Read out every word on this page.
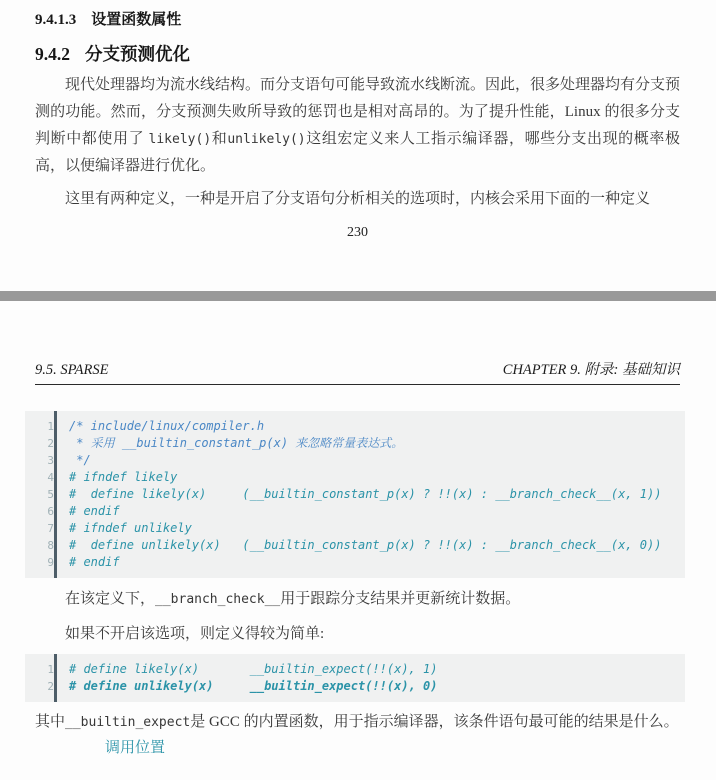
9.4.1.3 设置函数属性
9.4.2 分支预测优化

现代处理器均为流水线结构。而分支语句可能导致流水线断流。因此，很多处理器均有分支预测的功能。然而，分支预测失败所导致的惩罚也是相对高昂的。为了提升性能，Linux 的很多分支判断中都使用了 likely()和unlikely()这组宏定义来人工指示编译器，哪些分支出现的概率极高，以便编译器进行优化。

这里有两种定义，一种是开启了分支语句分析相关的选项时，内核会采用下面的一种定义

230
9.5. SPARSE	CHAPTER 9. 附录: 基础知识
1 /* include/linux/compiler.h
2 * 采用 __builtin_constant_p(x) 来忽略常量表达式。
3 */
4 # ifndef likely
5 #  define likely(x)     (__builtin_constant_p(x) ? !!(x) : __branch_check__(x, 1))
6 # endif
7 # ifndef unlikely
8 #  define unlikely(x)   (__builtin_constant_p(x) ? !!(x) : __branch_check__(x, 0))
9 # endif

在该定义下，__branch_check__用于跟踪分支结果并更新统计数据。

如果不开启该选项，则定义得较为简单:

1 # define likely(x)       __builtin_expect(!!(x), 1)
2 # define unlikely(x)     __builtin_expect(!!(x), 0)

其中__builtin_expect是 GCC 的内置函数，用于指示编译器，该条件语句最可能的结果是什么。

调用位置
